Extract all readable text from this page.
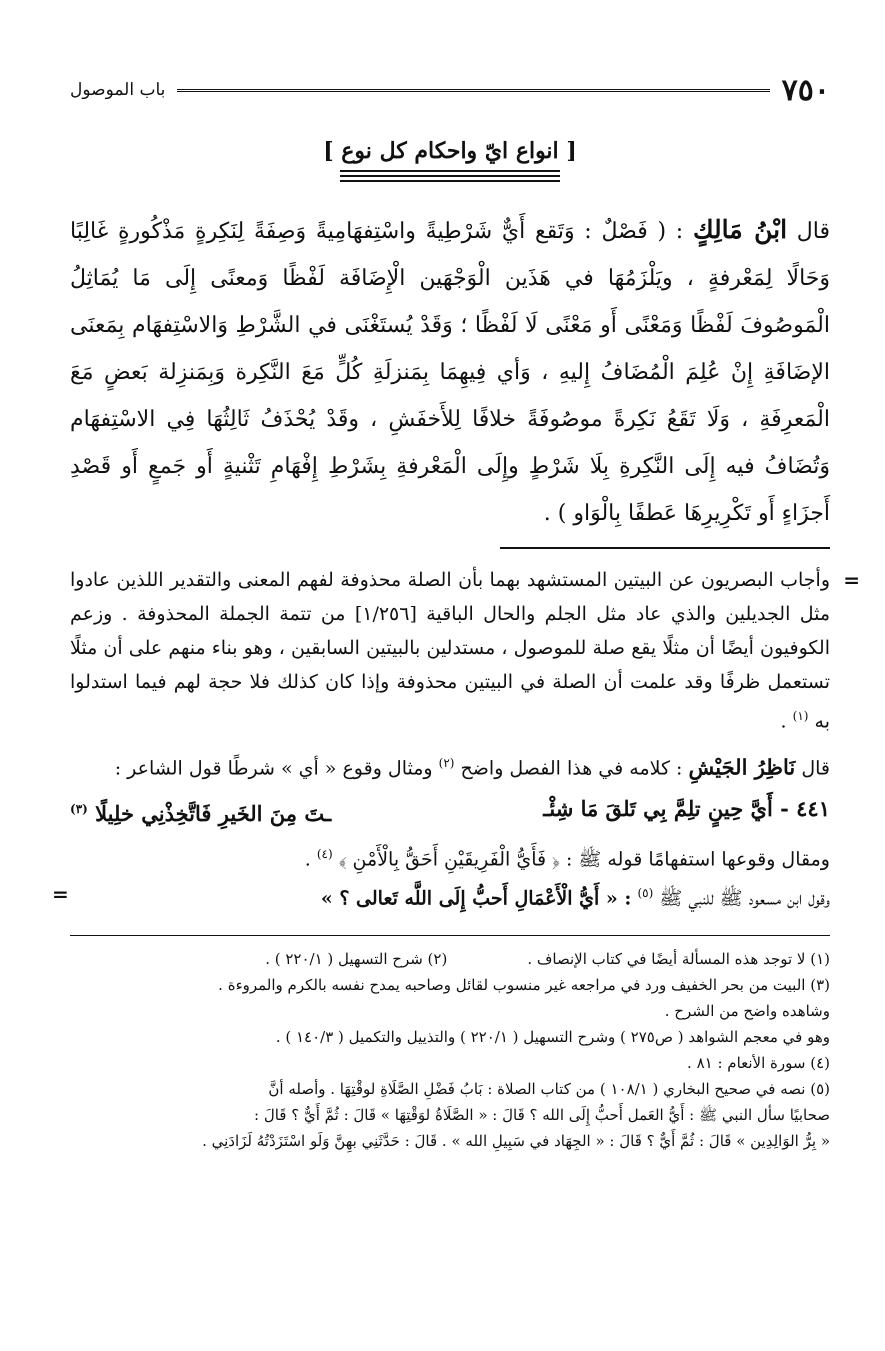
٧٥٠
باب الموصول
[ انواع ايّ واحكام كل نوع ]
قال ابْنُ مَالِكٍ : ( فَصْلٌ : وَتَقع أَيٌّ شَرْطِيةً واسْتِفهَامِيةً وَصِفَةً لِنَكِرةٍ مَذْكُورةٍ غَالِبًا وَحَالًا لِمَعْرفةٍ ، ويَلْزَمُهَا في هَذَين الْوَجْهَين الْإِضَافَة لَفْظًا وَمعنًى إِلَى مَا يُمَاثِلُ الْمَوصُوفَ لَفْظًا وَمَعْنًى أَو مَعْنًى لَا لَفْظًا ؛ وَقَدْ يُستَغْنَى في الشَّرْطِ وَالاسْتِفهَام بِمَعنَى الإضَافَةِ إِنْ عُلِمَ الْمُضَافُ إِليهِ ، وَأي فِيهِمَا بِمَنزلَةِ كُلٍّ مَعَ النَّكِرة وَبِمَنزِلة بَعضٍ مَعَ الْمَعرِفَةِ ، وَلَا تَقَعُ نَكِرةً موصُوفَةً خلافًا لِلأَخفَشِ ، وقَدْ يُحْذَفُ ثَالِثُهَا فِي الاسْتِفهَام وَتُضَافُ فيه إِلَى النَّكِرةِ بِلَا شَرْطٍ وإِلَى الْمَعْرفةِ بِشَرْطِ إِفْهَامِ تَثْنيةٍ أَو جَمعٍ أَو قَصْدِ أَجزَاءٍ أَو تَكْرِيرِهَا عَطفًا بِالْوَاو ) .
=

وأجاب البصريون عن البيتين المستشهد بهما بأن الصلة محذوفة لفهم المعنى والتقدير اللذين عادوا مثل الجديلين والذي عاد مثل الجلم والحال الباقية [١/٢٥٦] من تتمة الجملة المحذوفة . وزعم الكوفيون أيضًا أن مثلًا يقع صلة للموصول ، مستدلين بالبيتين السابقين ، وهو بناء منهم على أن مثلًا تستعمل ظرفًا وقد علمت أن الصلة في البيتين محذوفة وإذا كان كذلك فلا حجة لهم فيما استدلوا به $^{(١)}$ .

قال نَاظِرُ الجَيْشِ : كلامه في هذا الفصل واضح $^{(٢)}$ ومثال وقوع « أي » شرطًا قول الشاعر :

٤٤١ - أَيَّ حِينٍ تلِمَّ بِي تَلقَ مَا شِئْـ
ـتَ مِنَ الخَيرِ فَاتَّخِذْنِي خلِيلًا $^{(٣)}$

ومقال وقوعها استفهامًا قوله ﷺ : ﴿ فَأَيُّ الْفَرِيقَيْنِ أَحَقُّ بِالْأَمْنِ ﴾ $^{(٤)}$ .

وقول ابن مسعود ﷺ للنبي ﷺ $^{(٥)}$ : « أَيُّ الْأَعْمَالِ أَحبُّ إِلَى اللَّه تَعالى ؟ »

=
(١) لا توجد هذه المسألة أيضًا في كتاب الإنصاف .
(٢) شرح التسهيل ( ٢٢٠/١ ) .

(٣) البيت من بحر الخفيف ورد في مراجعه غير منسوب لقائل وصاحبه يمدح نفسه بالكرم والمروءة .

وشاهده واضح من الشرح .

وهو في معجم الشواهد ( ص٢٧٥ ) وشرح التسهيل ( ٢٢٠/١ ) والتذييل والتكميل ( ١٤٠/٣ ) .

(٤) سورة الأنعام : ٨١ .

(٥) نصه في صحيح البخاري ( ١٠٨/١ ) من كتاب الصلاة : بَابُ فَضْلِ الصَّلَاةِ لوقْتِهَا . وأصله أنَّ

صحابيًا سأل النبي ﷺ : أَيُّ العَمل أَحبُّ إِلَى الله ؟ قَالَ : « الصَّلَاةُ لوَقْتِهَا » قَالَ : ثُمَّ أَيٌّ ؟ قَالَ :

« بِرُّ الوَالِدِين » قَالَ : ثُمَّ أَيٌّ ؟ قَالَ : « الجِهَاد في سَبِيلِ الله » . قَالَ : حَدَّثَنِي بهِنَّ وَلَو اسْتَزَدْتُهُ لَزَادَنِي .
